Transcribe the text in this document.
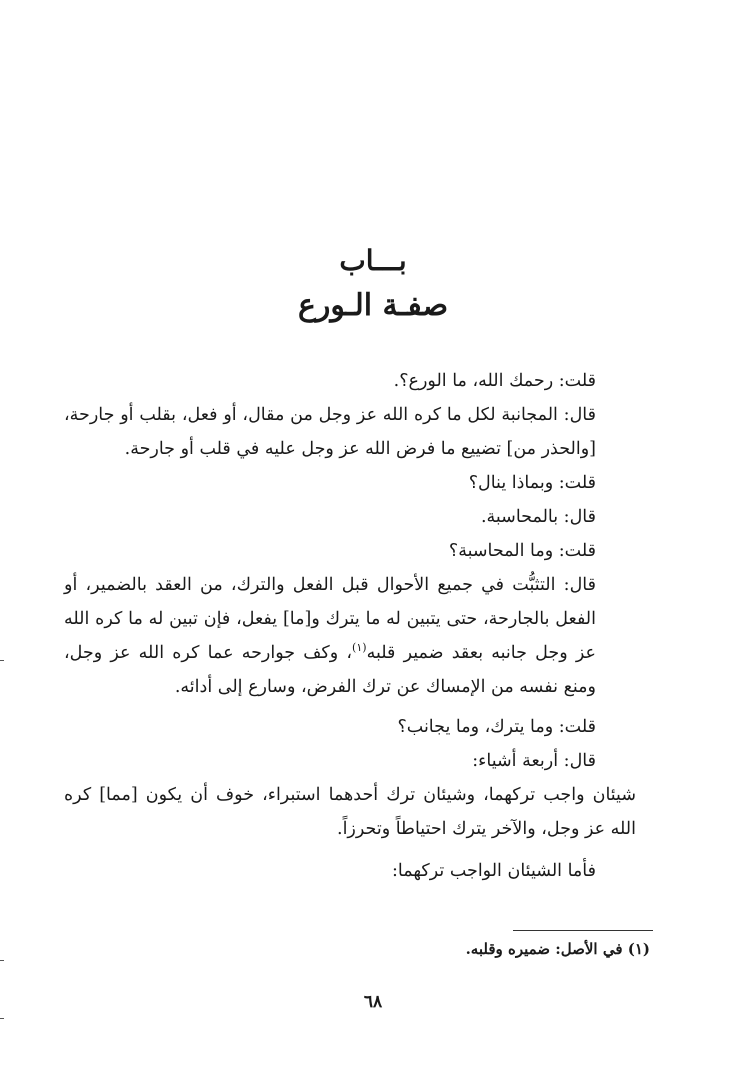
بـــاب
صفـة الـورع

قلت: رحمك الله، ما الورع؟.

قال: المجانبة لكل ما كره الله عز وجل من مقال، أو فعل، بقلب أو جارحة، [والحذر من] تضييع ما فرض الله عز وجل عليه في قلب أو جارحة.

قلت: وبماذا ينال؟

قال: بالمحاسبة.

قلت: وما المحاسبة؟

قال: التثبُّت في جميع الأحوال قبل الفعل والترك، من العقد بالضمير، أو الفعل بالجارحة، حتى يتبين له ما يترك و[ما] يفعل، فإن تبين له ما كره الله عز وجل جانبه بعقد ضمير قلبه$^{(١)}$، وكف جوارحه عما كره الله عز وجل، ومنع نفسه من الإمساك عن ترك الفرض، وسارع إلى أدائه.

قلت: وما يترك، وما يجانب؟

قال: أربعة أشياء:

شيئان واجب تركهما، وشيئان ترك أحدهما استبراء، خوف أن يكون [مما] كره الله عز وجل، والآخر يترك احتياطاً وتحرزاً.

فأما الشيئان الواجب تركهما:

(١) في الأصل: ضميره وقلبه.
٦٨
